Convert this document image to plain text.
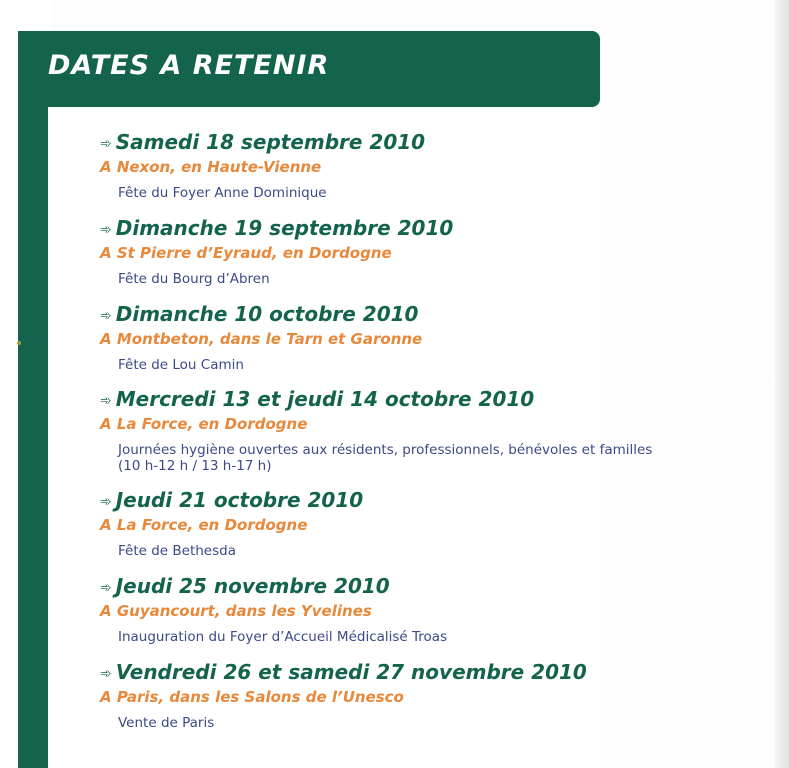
DATES A RETENIR
➾ Samedi 18 septembre 2010
A Nexon, en Haute-Vienne
Fête du Foyer Anne Dominique
➾ Dimanche 19 septembre 2010
A St Pierre d’Eyraud, en Dordogne
Fête du Bourg d’Abren
➾ Dimanche 10 octobre 2010
A Montbeton, dans le Tarn et Garonne
Fête de Lou Camin
➾ Mercredi 13 et jeudi 14 octobre 2010
A La Force, en Dordogne
Journées hygiène ouvertes aux résidents, professionnels, bénévoles et familles
(10 h-12 h / 13 h-17 h)
➾ Jeudi 21 octobre 2010
A La Force, en Dordogne
Fête de Bethesda
➾ Jeudi 25 novembre 2010
A Guyancourt, dans les Yvelines
Inauguration du Foyer d’Accueil Médicalisé Troas
➾ Vendredi 26 et samedi 27 novembre 2010
A Paris, dans les Salons de l’Unesco
Vente de Paris
